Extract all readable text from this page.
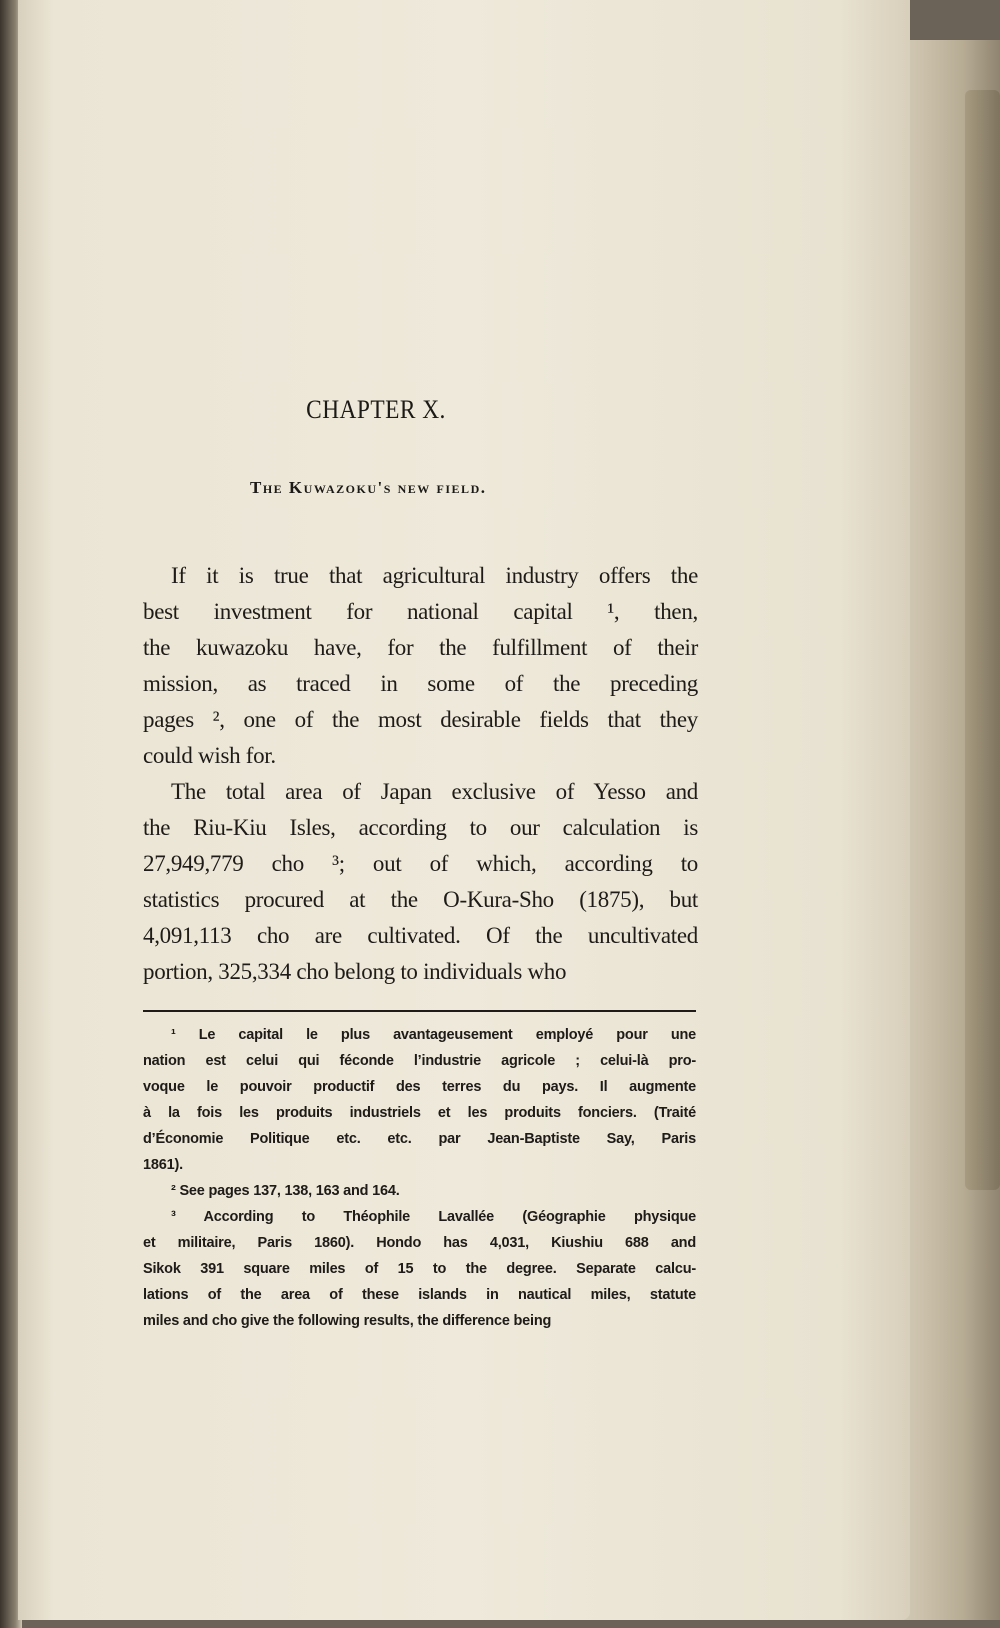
CHAPTER X.
The Kuwazoku's new field.
If it is true that agricultural industry offers the
best investment for national capital ¹, then,
the kuwazoku have, for the fulfillment of their
mission, as traced in some of the preceding
pages ², one of the most desirable fields that they
could wish for.
The total area of Japan exclusive of Yesso and
the Riu-Kiu Isles, according to our calculation is
27,949,779 cho ³; out of which, according to
statistics procured at the O-Kura-Sho (1875), but
4,091,113 cho are cultivated. Of the uncultivated
portion, 325,334 cho belong to individuals who
¹ Le capital le plus avantageusement employé pour une
nation est celui qui féconde l’industrie agricole ; celui-là pro-
voque le pouvoir productif des terres du pays. Il augmente
à la fois les produits industriels et les produits fonciers. (Traité
d’Économie Politique etc. etc. par Jean-Baptiste Say, Paris
1861).
² See pages 137, 138, 163 and 164.
³ According to Théophile Lavallée (Géographie physique
et militaire, Paris 1860). Hondo has 4,031, Kiushiu 688 and
Sikok 391 square miles of 15 to the degree. Separate calcu-
lations of the area of these islands in nautical miles, statute
miles and cho give the following results, the difference being
